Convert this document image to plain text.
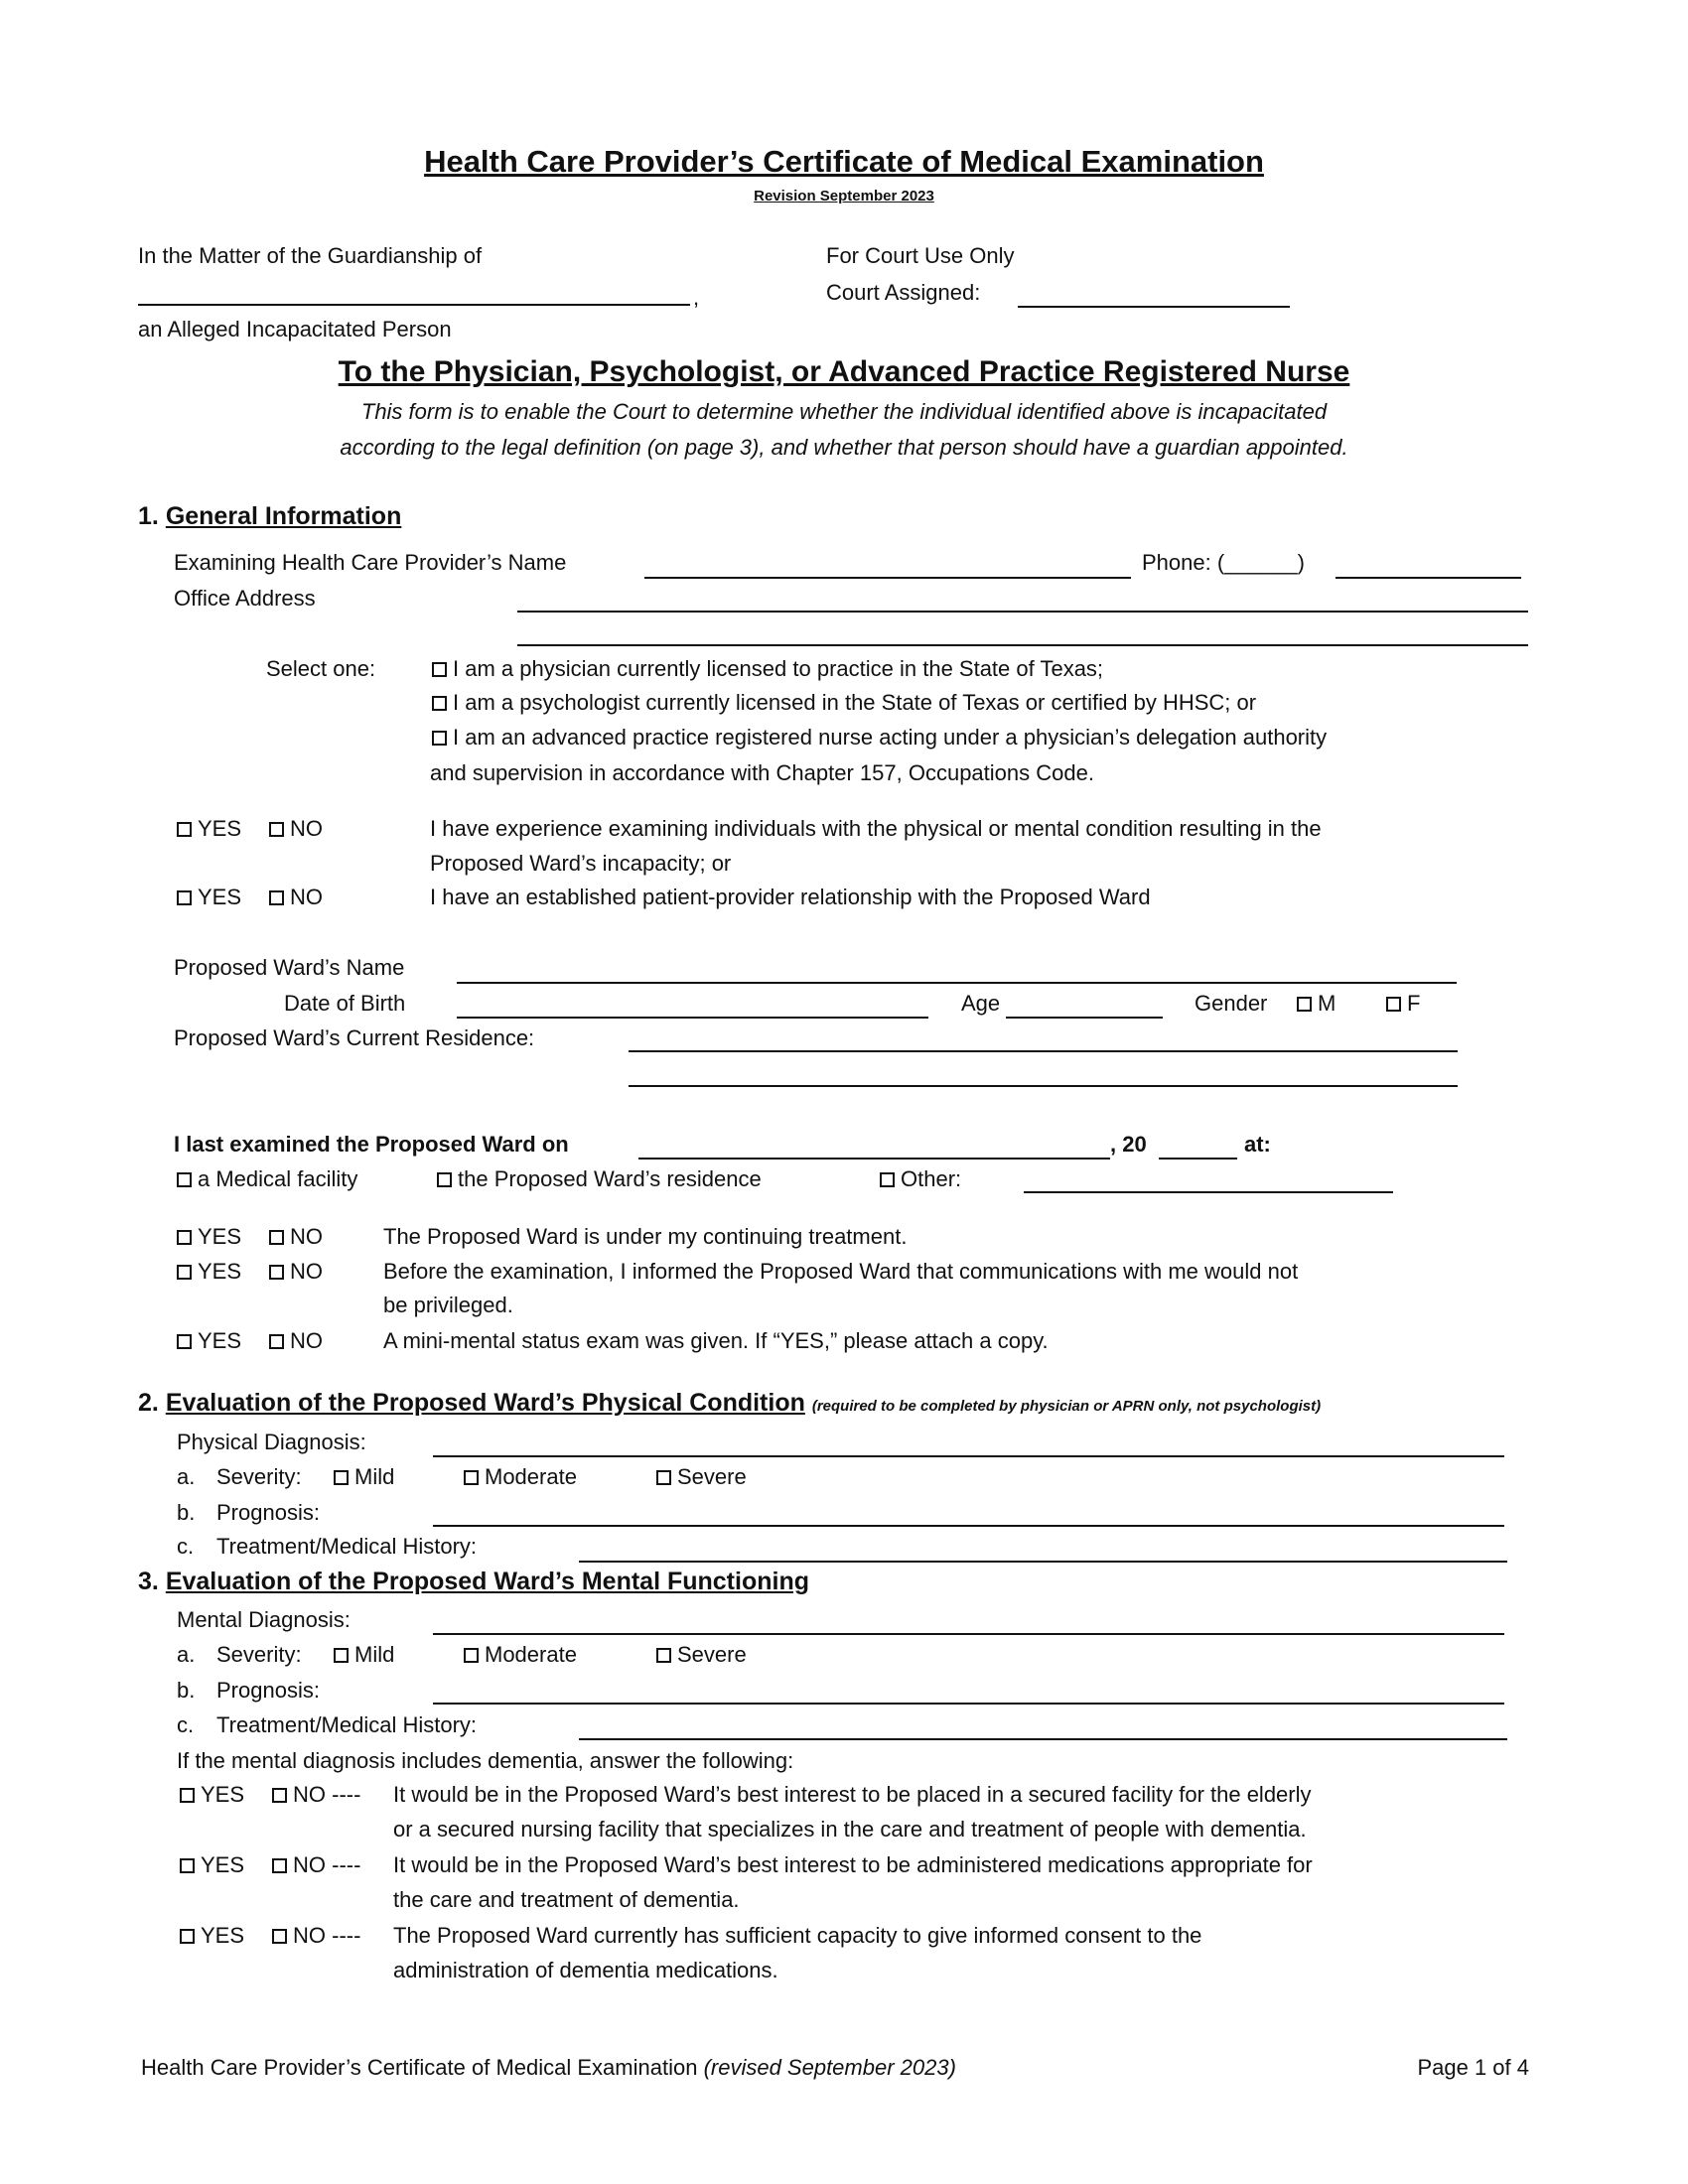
Health Care Provider’s Certificate of Medical Examination
Revision September 2023
In the Matter of the Guardianship of
,
an Alleged Incapacitated Person
For Court Use Only
Court Assigned:
To the Physician, Psychologist, or Advanced Practice Registered Nurse
This form is to enable the Court to determine whether the individual identified above is incapacitated
according to the legal definition (on page 3), and whether that person should have a guardian appointed.
1. General Information
Examining Health Care Provider’s Name	Phone: (______)
Office Address
Select one:	I am a physician currently licensed to practice in the State of Texas;
I am a psychologist currently licensed in the State of Texas or certified by HHSC; or
I am an advanced practice registered nurse acting under a physician’s delegation authority
and supervision in accordance with Chapter 157, Occupations Code.
YES NO	I have experience examining individuals with the physical or mental condition resulting in the
Proposed Ward’s incapacity; or
YES NO	I have an established patient-provider relationship with the Proposed Ward
Proposed Ward’s Name
Date of Birth	Age	Gender	M	F
Proposed Ward’s Current Residence:
I last examined the Proposed Ward on	, 20	at:
a Medical facility	the Proposed Ward’s residence	Other:
YES NO	The Proposed Ward is under my continuing treatment.
YES NO	Before the examination, I informed the Proposed Ward that communications with me would not
be privileged.
YES NO	A mini-mental status exam was given. If “YES,” please attach a copy.
2. Evaluation of the Proposed Ward’s Physical Condition (required to be completed by physician or APRN only, not psychologist)
Physical Diagnosis:
a. Severity:	Mild	Moderate	Severe
b. Prognosis:
c. Treatment/Medical History:
3. Evaluation of the Proposed Ward’s Mental Functioning
Mental Diagnosis:
a. Severity:	Mild	Moderate	Severe
b. Prognosis:
c. Treatment/Medical History:
If the mental diagnosis includes dementia, answer the following:
YES NO ---- It would be in the Proposed Ward’s best interest to be placed in a secured facility for the elderly
or a secured nursing facility that specializes in the care and treatment of people with dementia.
YES NO ---- It would be in the Proposed Ward’s best interest to be administered medications appropriate for
the care and treatment of dementia.
YES NO ---- The Proposed Ward currently has sufficient capacity to give informed consent to the
administration of dementia medications.
Health Care Provider’s Certificate of Medical Examination (revised September 2023)	Page 1 of 4
